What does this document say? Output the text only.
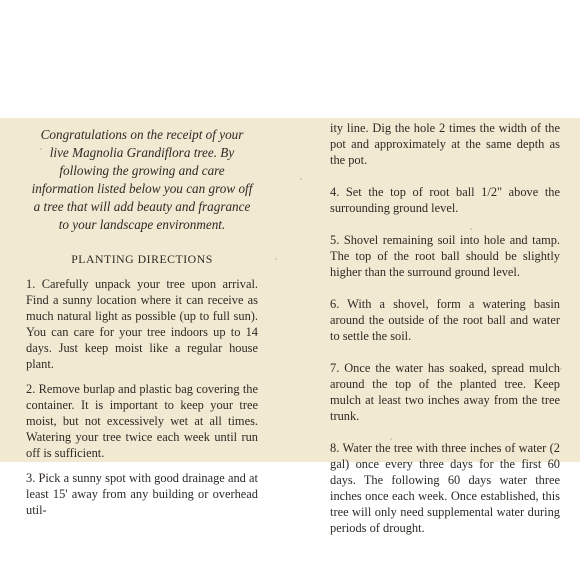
Congratulations on the receipt of your live Magnolia Grandiflora tree. By following the growing and care information listed below you can grow off a tree that will add beauty and fragrance to your landscape environment.

PLANTING DIRECTIONS

1. Carefully unpack your tree upon arrival. Find a sunny location where it can receive as much natural light as possible (up to full sun). You can care for your tree indoors up to 14 days. Just keep moist like a regular house plant.

2. Remove burlap and plastic bag covering the container. It is important to keep your tree moist, but not excessively wet at all times. Watering your tree twice each week until run off is sufficient.

3. Pick a sunny spot with good drainage and at least 15' away from any building or overhead util-

ity line. Dig the hole 2 times the width of the pot and approximately at the same depth as the pot.

4. Set the top of root ball 1/2" above the surrounding ground level.

5. Shovel remaining soil into hole and tamp. The top of the root ball should be slightly higher than the surround ground level.

6. With a shovel, form a watering basin around the outside of the root ball and water to settle the soil.

7. Once the water has soaked, spread mulch around the top of the planted tree. Keep mulch at least two inches away from the tree trunk.

8. Water the tree with three inches of water (2 gal) once every three days for the first 60 days. The following 60 days water three inches once each week. Once established, this tree will only need supplemental water during periods of drought.
